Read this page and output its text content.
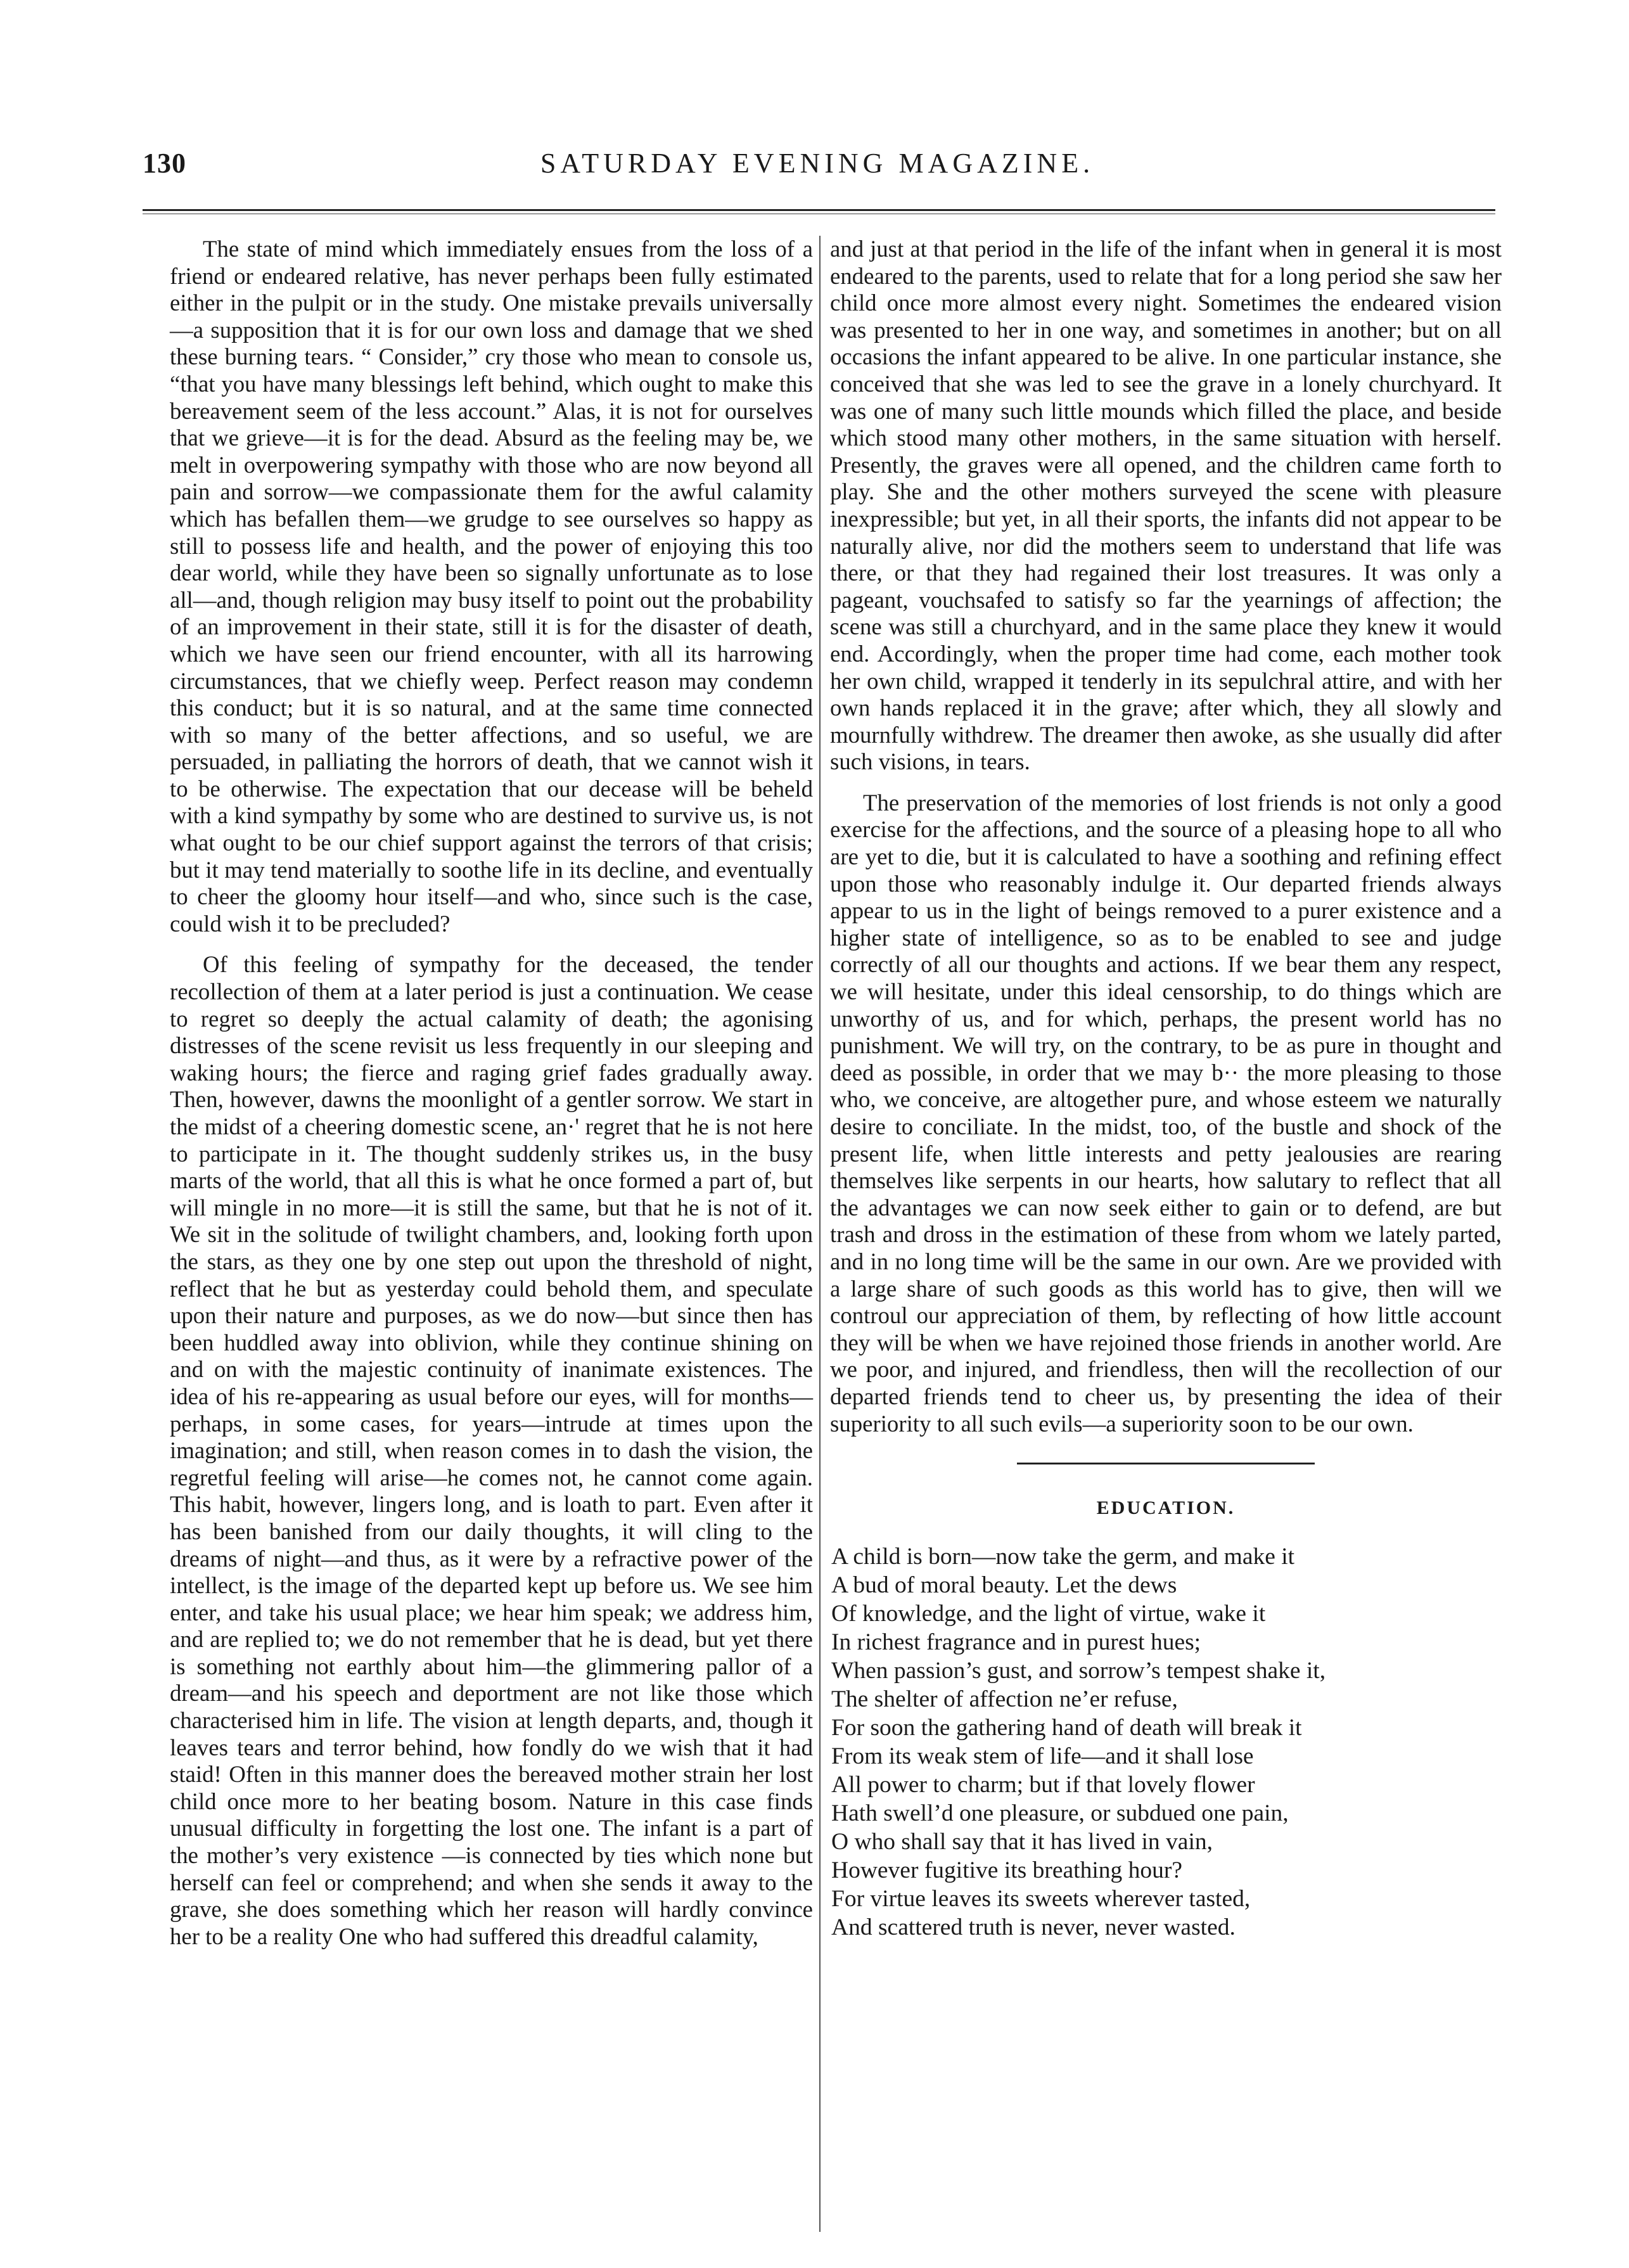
130	SATURDAY EVENING MAGAZINE.

The state of mind which immediately ensues from the loss of a friend or endeared relative, has never perhaps been fully estimated either in the pulpit or in the study. One mistake prevails universally—a supposition that it is for our own loss and damage that we shed these burning tears. “ Consider,” cry those who mean to console us, “that you have many blessings left behind, which ought to make this bereavement seem of the less account.” Alas, it is not for ourselves that we grieve—it is for the dead. Absurd as the feeling may be, we melt in overpowering sympathy with those who are now beyond all pain and sorrow—we compassionate them for the awful calamity which has befallen them—we grudge to see ourselves so happy as still to possess life and health, and the power of enjoying this too dear world, while they have been so signally unfortunate as to lose all—and, though religion may busy itself to point out the probability of an improvement in their state, still it is for the disaster of death, which we have seen our friend encounter, with all its harrowing circumstances, that we chiefly weep. Perfect reason may condemn this conduct; but it is so natural, and at the same time connected with so many of the better affections, and so useful, we are persuaded, in palliating the horrors of death, that we cannot wish it to be otherwise. The expectation that our decease will be beheld with a kind sympathy by some who are destined to survive us, is not what ought to be our chief support against the terrors of that crisis; but it may tend materially to soothe life in its decline, and eventually to cheer the gloomy hour itself—and who, since such is the case, could wish it to be precluded?

Of this feeling of sympathy for the deceased, the tender recollection of them at a later period is just a continuation. We cease to regret so deeply the actual calamity of death; the agonising distresses of the scene revisit us less frequently in our sleeping and waking hours; the fierce and raging grief fades gradually away. Then, however, dawns the moonlight of a gentler sorrow. We start in the midst of a cheering domestic scene, an·' regret that he is not here to participate in it. The thought suddenly strikes us, in the busy marts of the world, that all this is what he once formed a part of, but will mingle in no more—it is still the same, but that he is not of it. We sit in the solitude of twilight chambers, and, looking forth upon the stars, as they one by one step out upon the threshold of night, reflect that he but as yesterday could behold them, and speculate upon their nature and purposes, as we do now—but since then has been huddled away into oblivion, while they continue shining on and on with the majestic continuity of inanimate existences. The idea of his re-appearing as usual before our eyes, will for months—perhaps, in some cases, for years—intrude at times upon the imagination; and still, when reason comes in to dash the vision, the regretful feeling will arise—he comes not, he cannot come again. This habit, however, lingers long, and is loath to part. Even after it has been banished from our daily thoughts, it will cling to the dreams of night—and thus, as it were by a refractive power of the intellect, is the image of the departed kept up before us. We see him enter, and take his usual place; we hear him speak; we address him, and are replied to; we do not remember that he is dead, but yet there is something not earthly about him—the glimmering pallor of a dream—and his speech and deportment are not like those which characterised him in life. The vision at length departs, and, though it leaves tears and terror behind, how fondly do we wish that it had staid! Often in this manner does the bereaved mother strain her lost child once more to her beating bosom. Nature in this case finds unusual difficulty in forgetting the lost one. The infant is a part of the mother’s very existence —is connected by ties which none but herself can feel or comprehend; and when she sends it away to the grave, she does something which her reason will hardly convince her to be a reality One who had suffered this dreadful calamity,

and just at that period in the life of the infant when in general it is most endeared to the parents, used to relate that for a long period she saw her child once more almost every night. Sometimes the endeared vision was presented to her in one way, and sometimes in another; but on all occasions the infant appeared to be alive. In one particular instance, she conceived that she was led to see the grave in a lonely churchyard. It was one of many such little mounds which filled the place, and beside which stood many other mothers, in the same situation with herself. Presently, the graves were all opened, and the children came forth to play. She and the other mothers surveyed the scene with pleasure inexpressible; but yet, in all their sports, the infants did not appear to be naturally alive, nor did the mothers seem to understand that life was there, or that they had regained their lost treasures. It was only a pageant, vouchsafed to satisfy so far the yearnings of affection; the scene was still a churchyard, and in the same place they knew it would end. Accordingly, when the proper time had come, each mother took her own child, wrapped it tenderly in its sepulchral attire, and with her own hands replaced it in the grave; after which, they all slowly and mournfully withdrew. The dreamer then awoke, as she usually did after such visions, in tears.

The preservation of the memories of lost friends is not only a good exercise for the affections, and the source of a pleasing hope to all who are yet to die, but it is calculated to have a soothing and refining effect upon those who reasonably indulge it. Our departed friends always appear to us in the light of beings removed to a purer existence and a higher state of intelligence, so as to be enabled to see and judge correctly of all our thoughts and actions. If we bear them any respect, we will hesitate, under this ideal censorship, to do things which are unworthy of us, and for which, perhaps, the present world has no punishment. We will try, on the contrary, to be as pure in thought and deed as possible, in order that we may b·· the more pleasing to those who, we conceive, are altogether pure, and whose esteem we naturally desire to conciliate. In the midst, too, of the bustle and shock of the present life, when little interests and petty jealousies are rearing themselves like serpents in our hearts, how salutary to reflect that all the advantages we can now seek either to gain or to defend, are but trash and dross in the estimation of these from whom we lately parted, and in no long time will be the same in our own. Are we provided with a large share of such goods as this world has to give, then will we controul our appreciation of them, by reflecting of how little account they will be when we have rejoined those friends in another world. Are we poor, and injured, and friendless, then will the recollection of our departed friends tend to cheer us, by presenting the idea of their superiority to all such evils—a superiority soon to be our own.

EDUCATION.
A child is born—now take the germ, and make it
A bud of moral beauty. Let the dews
Of knowledge, and the light of virtue, wake it
In richest fragrance and in purest hues;
When passion’s gust, and sorrow’s tempest shake it,
The shelter of affection ne’er refuse,
For soon the gathering hand of death will break it
From its weak stem of life—and it shall lose
All power to charm; but if that lovely flower
Hath swell’d one pleasure, or subdued one pain,
O who shall say that it has lived in vain,
However fugitive its breathing hour?
For virtue leaves its sweets wherever tasted,
And scattered truth is never, never wasted.
